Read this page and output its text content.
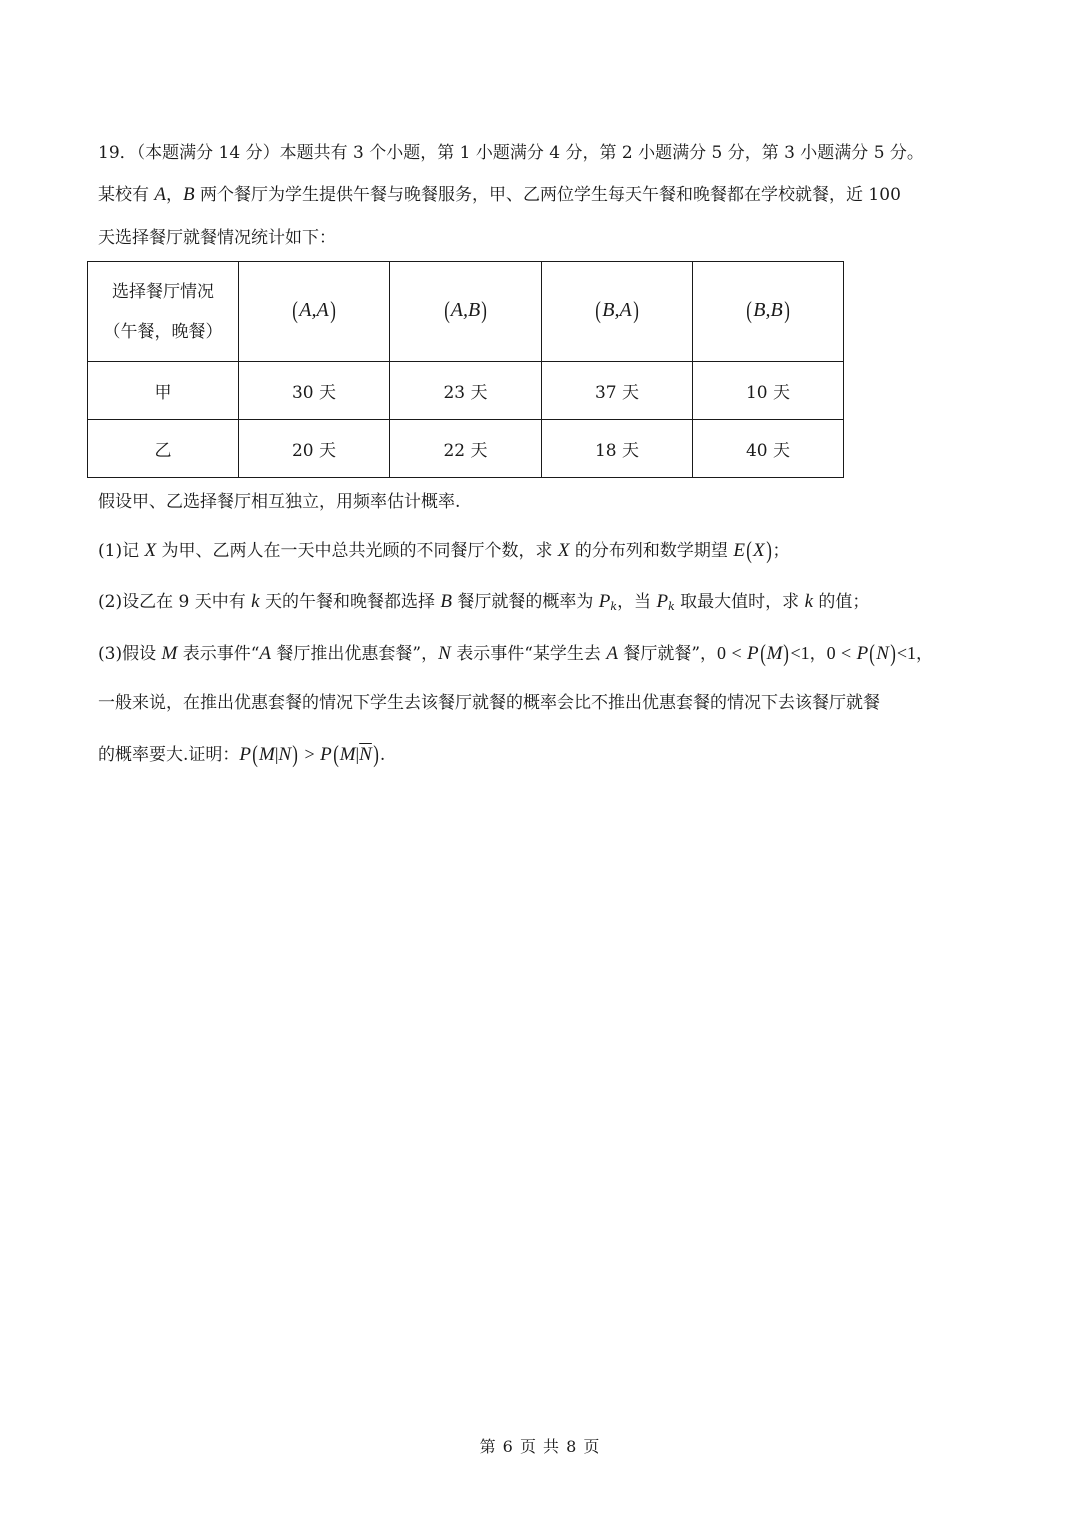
19．（本题满分 14 分）本题共有 3 个小题，第 1 小题满分 4 分，第 2 小题满分 5 分，第 3 小题满分 5 分。
某校有 A，B 两个餐厅为学生提供午餐与晚餐服务，甲、乙两位学生每天午餐和晚餐都在学校就餐，近 100
天选择餐厅就餐情况统计如下：
选择餐厅情况
（午餐，晚餐）	(A,A)	(A,B)	(B,A)	(B,B)
甲	30 天	23 天	37 天	10 天
乙	20 天	22 天	18 天	40 天
假设甲、乙选择餐厅相互独立，用频率估计概率.
(1)记 X 为甲、乙两人在一天中总共光顾的不同餐厅个数，求 X 的分布列和数学期望 E(X)；
(2)设乙在 9 天中有 k 天的午餐和晚餐都选择 B 餐厅就餐的概率为 $P_k$，当 $P_k$ 取最大值时，求 k 的值；
(3)假设 M 表示事件“A 餐厅推出优惠套餐”，N 表示事件“某学生去 A 餐厅就餐”，0 < P(M)<1，0 < P(N)<1，
一般来说，在推出优惠套餐的情况下学生去该餐厅就餐的概率会比不推出优惠套餐的情况下去该餐厅就餐
的概率要大.证明：$P(M|N) > P(M|\overline{N})$.
第 6 页 共 8 页
